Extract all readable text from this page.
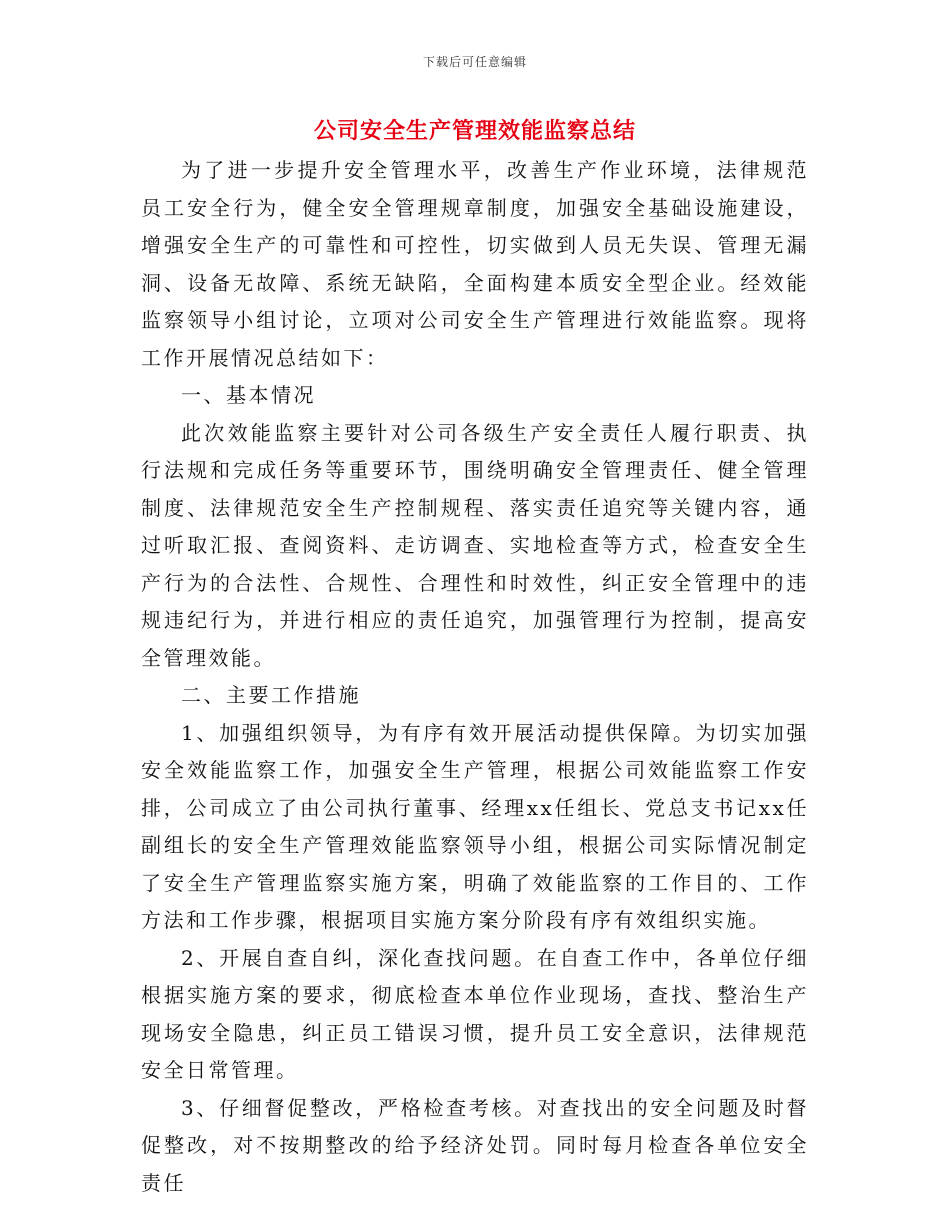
下载后可任意编辑
公司安全生产管理效能监察总结

为了进一步提升安全管理水平，改善生产作业环境，法律规范员工安全行为，健全安全管理规章制度，加强安全基础设施建设，增强安全生产的可靠性和可控性，切实做到人员无失误、管理无漏洞、设备无故障、系统无缺陷，全面构建本质安全型企业。经效能监察领导小组讨论，立项对公司安全生产管理进行效能监察。现将工作开展情况总结如下：

一、基本情况

此次效能监察主要针对公司各级生产安全责任人履行职责、执行法规和完成任务等重要环节，围绕明确安全管理责任、健全管理制度、法律规范安全生产控制规程、落实责任追究等关键内容，通过听取汇报、查阅资料、走访调查、实地检查等方式，检查安全生产行为的合法性、合规性、合理性和时效性，纠正安全管理中的违规违纪行为，并进行相应的责任追究，加强管理行为控制，提高安全管理效能。

二、主要工作措施

1、加强组织领导，为有序有效开展活动提供保障。为切实加强安全效能监察工作，加强安全生产管理，根据公司效能监察工作安排，公司成立了由公司执行董事、经理xx任组长、党总支书记xx任副组长的安全生产管理效能监察领导小组，根据公司实际情况制定了安全生产管理监察实施方案，明确了效能监察的工作目的、工作方法和工作步骤，根据项目实施方案分阶段有序有效组织实施。

2、开展自查自纠，深化查找问题。在自查工作中，各单位仔细根据实施方案的要求，彻底检查本单位作业现场，查找、整治生产现场安全隐患，纠正员工错误习惯，提升员工安全意识，法律规范安全日常管理。

3、仔细督促整改，严格检查考核。对查找出的安全问题及时督促整改，对不按期整改的给予经济处罚。同时每月检查各单位安全责任
